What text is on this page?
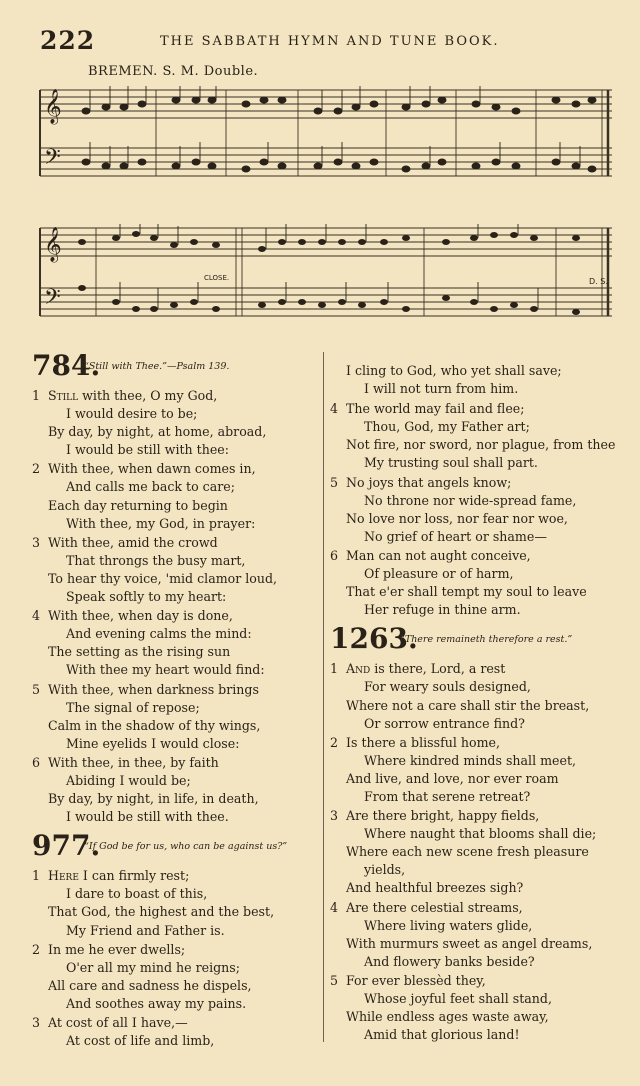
222	THE SABBATH HYMN AND TUNE BOOK.
BREMEN. S. M. Double.
𝄞
𝄢
𝄞
𝄢
CLOSE.	D. S.
784 .
“Still with Thee.”—Psalm 139.
1 Still with thee, O my God,
I would desire to be;
By day, by night, at home, abroad,
I would be still with thee:
2 With thee, when dawn comes in,
And calls me back to care;
Each day returning to begin
With thee, my God, in prayer:
3 With thee, amid the crowd
That throngs the busy mart,
To hear thy voice, 'mid clamor loud,
Speak softly to my heart:
4 With thee, when day is done,
And evening calms the mind:
The setting as the rising sun
With thee my heart would find:
5 With thee, when darkness brings
The signal of repose;
Calm in the shadow of thy wings,
Mine eyelids I would close:
6 With thee, in thee, by faith
Abiding I would be;
By day, by night, in life, in death,
I would be still with thee.
977 .
“If God be for us, who can be against us?”
1 Here I can firmly rest;
I dare to boast of this,
That God, the highest and the best,
My Friend and Father is.
2 In me he ever dwells;
O'er all my mind he reigns;
All care and sadness he dispels,
And soothes away my pains.
3 At cost of all I have,—
At cost of life and limb,
I cling to God, who yet shall save;
I will not turn from him.
4 The world may fail and flee;
Thou, God, my Father art;
Not fire, nor sword, nor plague, from thee
My trusting soul shall part.
5 No joys that angels know;
No throne nor wide-spread fame,
No love nor loss, nor fear nor woe,
No grief of heart or shame—
6 Man can not aught conceive,
Of pleasure or of harm,
That e'er shall tempt my soul to leave
Her refuge in thine arm.
1263 .
“There remaineth therefore a rest.”
1 And is there, Lord, a rest
For weary souls designed,
Where not a care shall stir the breast,
Or sorrow entrance find?
2 Is there a blissful home,
Where kindred minds shall meet,
And live, and love, nor ever roam
From that serene retreat?
3 Are there bright, happy fields,
Where naught that blooms shall die;
Where each new scene fresh pleasure
yields,
And healthful breezes sigh?
4 Are there celestial streams,
Where living waters glide,
With murmurs sweet as angel dreams,
And flowery banks beside?
5 For ever blessèd they,
Whose joyful feet shall stand,
While endless ages waste away,
Amid that glorious land!
